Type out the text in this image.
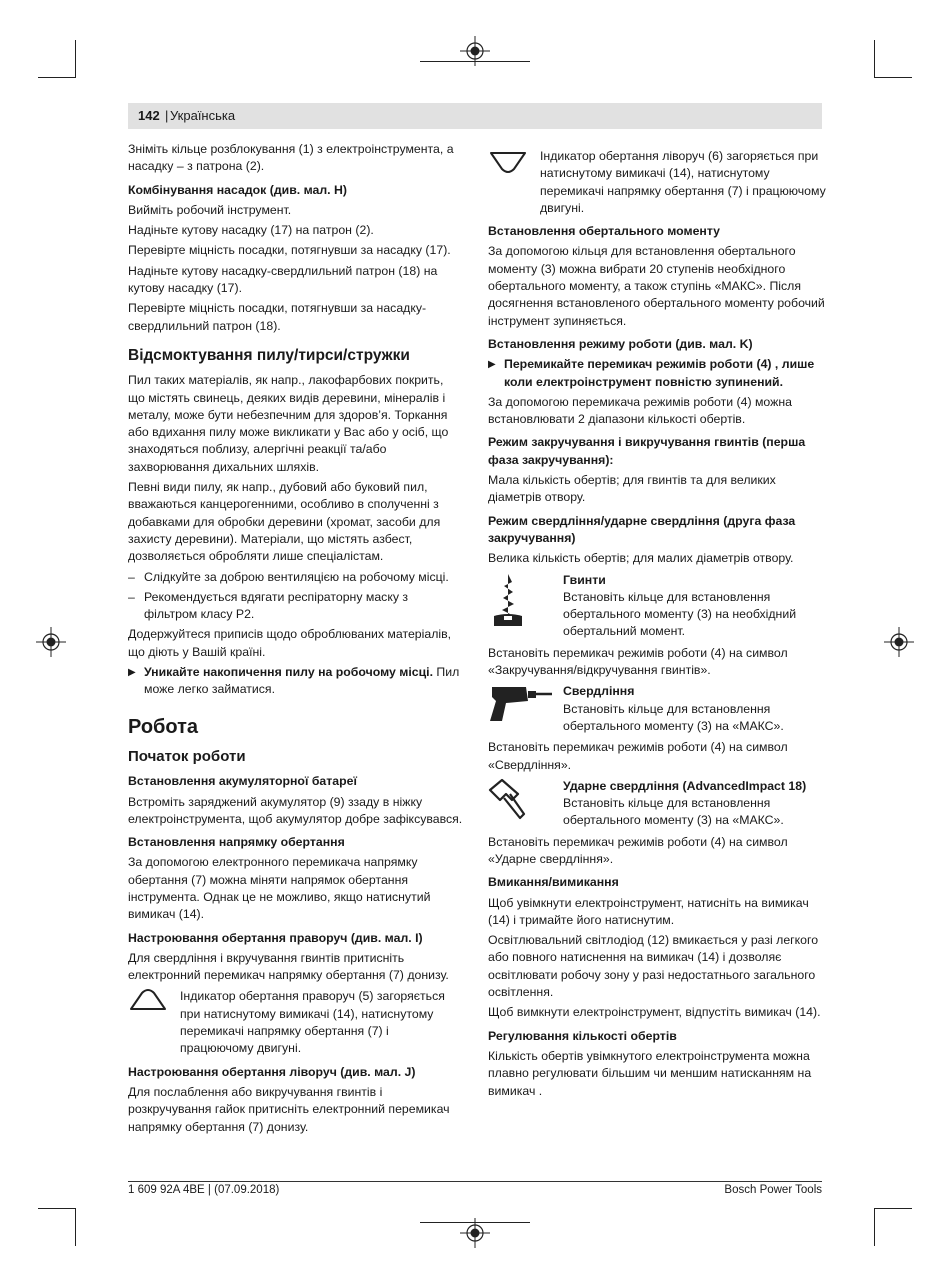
142 | Українська

Зніміть кільце розблокування (1) з електроінструмента, а насадку – з патрона (2).

Комбінування насадок (див. мал. H)

Вийміть робочий інструмент.

Надіньте кутову насадку (17) на патрон (2).

Перевірте міцність посадки, потягнувши за насадку (17).

Надіньте кутову насадку-свердлильний патрон (18) на кутову насадку (17).

Перевірте міцність посадки, потягнувши за насадку-свердлильний патрон (18).

Відсмоктування пилу/тирси/стружки

Пил таких матеріалів, як напр., лакофарбових покрить, що містять свинець, деяких видів деревини, мінералів і металу, може бути небезпечним для здоров’я. Торкання або вдихання пилу може викликати у Вас або у осіб, що знаходяться поблизу, алергічні реакції та/або захворювання дихальних шляхів.

Певні види пилу, як напр., дубовий або буковий пил, вважаються канцерогенними, особливо в сполученні з добавками для обробки деревини (хромат, засоби для захисту деревини). Матеріали, що містять азбест, дозволяється обробляти лише спеціалістам.

– Слідкуйте за доброю вентиляцією на робочому місці.
– Рекомендується вдягати респіраторну маску з фільтром класу P2.

Додержуйтеся приписів щодо оброблюваних матеріалів, що діють у Вашій країні.

▶ Уникайте накопичення пилу на робочому місці. Пил може легко займатися.
Робота
Початок роботи
Встановлення акумуляторної батареї

Встроміть заряджений акумулятор (9) ззаду в ніжку електроінструмента, щоб акумулятор добре зафіксувався.

Встановлення напрямку обертання

За допомогою електронного перемикача напрямку обертання (7) можна міняти напрямок обертання інструмента. Однак це не можливо, якщо натиснутий вимикач (14).

Настроювання обертання праворуч (див. мал. I)

Для свердління і вкручування гвинтів притисніть електронний перемикач напрямку обертання (7) донизу.

Індикатор обертання праворуч (5) загоряється при натиснутому вимикачі (14), натиснутому перемикачі напрямку обертання (7) і працюючому двигуні.
Настроювання обертання ліворуч (див. мал. J)

Для послаблення або викручування гвинтів і розкручування гайок притисніть електронний перемикач напрямку обертання (7) донизу.

Індикатор обертання ліворуч (6) загоряється при натиснутому вимикачі (14), натиснутому перемикачі напрямку обертання (7) і працюючому двигуні.
Встановлення обертального моменту

За допомогою кільця для встановлення обертального моменту (3) можна вибрати 20 ступенів необхідного обертального моменту, а також ступінь «МАКС». Після досягнення встановленого обертального моменту робочий інструмент зупиняється.

Встановлення режиму роботи (див. мал. K)
▶ Перемикайте перемикач режимів роботи (4) , лише коли електроінструмент повністю зупинений.

За допомогою перемикача режимів роботи (4) можна встановлювати 2 діапазони кількості обертів.

Режим закручування і викручування гвинтів (перша фаза закручування):

Мала кількість обертів; для гвинтів та для великих діаметрів отвору.

Режим свердління/ударне свердління (друга фаза закручування)

Велика кількість обертів; для малих діаметрів отвору.

Гвинти
Встановіть кільце для встановлення обертального моменту (3) на необхідний обертальний момент.

Встановіть перемикач режимів роботи (4) на символ «Закручування/відкручування гвинтів».

Свердління
Встановіть кільце для встановлення обертального моменту (3) на «МАКС».

Встановіть перемикач режимів роботи (4) на символ «Свердління».

Ударне свердління (AdvancedImpact 18)
Встановіть кільце для встановлення обертального моменту (3) на «МАКС».

Встановіть перемикач режимів роботи (4) на символ «Ударне свердління».

Вмикання/вимикання

Щоб увімкнути електроінструмент, натисніть на вимикач (14) і тримайте його натиснутим.

Освітлювальний світлодіод (12) вмикається у разі легкого або повного натиснення на вимикач (14) і дозволяє освітлювати робочу зону у разі недостатнього загального освітлення.

Щоб вимкнути електроінструмент, відпустіть вимикач (14).

Регулювання кількості обертів

Кількість обертів увімкнутого електроінструмента можна плавно регулювати більшим чи меншим натисканням на вимикач .

1 609 92A 4BE | (07.09.2018)	Bosch Power Tools
